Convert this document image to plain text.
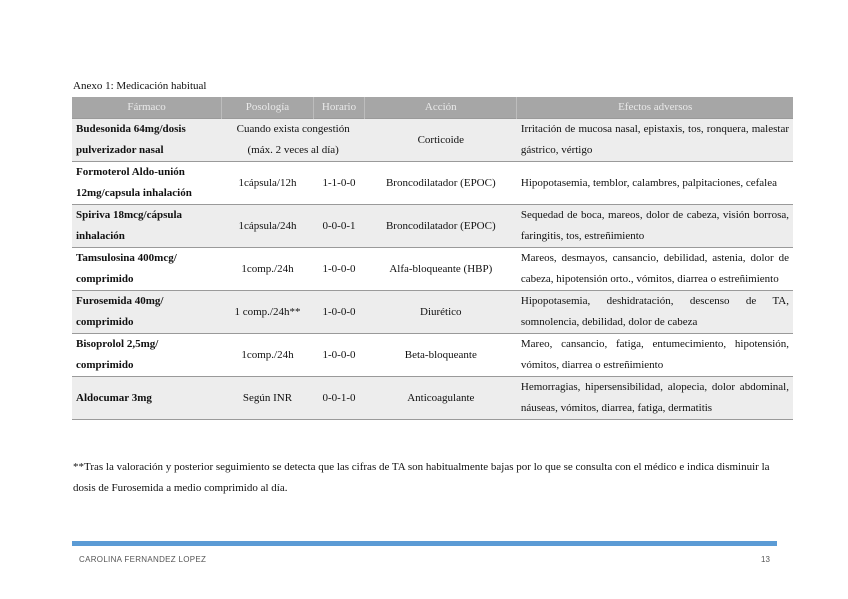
Anexo 1: Medicación habitual
Fármaco	Posología	Horario	Acción	Efectos adversos
Budesonida 64mg/dosis pulverizador nasal	Cuando exista congestión (máx. 2 veces al día)		Corticoide	Irritación de mucosa nasal, epistaxis, tos, ronquera, malestar gástrico, vértigo
Formoterol Aldo-unión 12mg/capsula inhalación	1cápsula/12h	1-1-0-0	Broncodilatador (EPOC)	Hipopotasemia, temblor, calambres, palpitaciones, cefalea
Spiriva 18mcg/cápsula inhalación	1cápsula/24h	0-0-0-1	Broncodilatador (EPOC)	Sequedad de boca, mareos, dolor de cabeza, visión borrosa, faringitis, tos, estreñimiento
Tamsulosina 400mcg/ comprimido	1comp./24h	1-0-0-0	Alfa-bloqueante (HBP)	Mareos, desmayos, cansancio, debilidad, astenia, dolor de cabeza, hipotensión orto., vómitos, diarrea o estreñimiento
Furosemida 40mg/ comprimido	1 comp./24h**	1-0-0-0	Diurético	Hipopotasemia, deshidratación, descenso de TA, somnolencia, debilidad, dolor de cabeza
Bisoprolol 2,5mg/ comprimido	1comp./24h	1-0-0-0	Beta-bloqueante	Mareo, cansancio, fatiga, entumecimiento, hipotensión, vómitos, diarrea o estreñimiento
Aldocumar 3mg	Según INR	0-0-1-0	Anticoagulante	Hemorragias, hipersensibilidad, alopecia, dolor abdominal, náuseas, vómitos, diarrea, fatiga, dermatitis
**Tras la valoración y posterior seguimiento se detecta que las cifras de TA son habitualmente bajas por lo que se consulta con el médico e indica disminuir la dosis de Furosemida a medio comprimido al día.
CAROLINA FERNANDEZ LOPEZ	13
